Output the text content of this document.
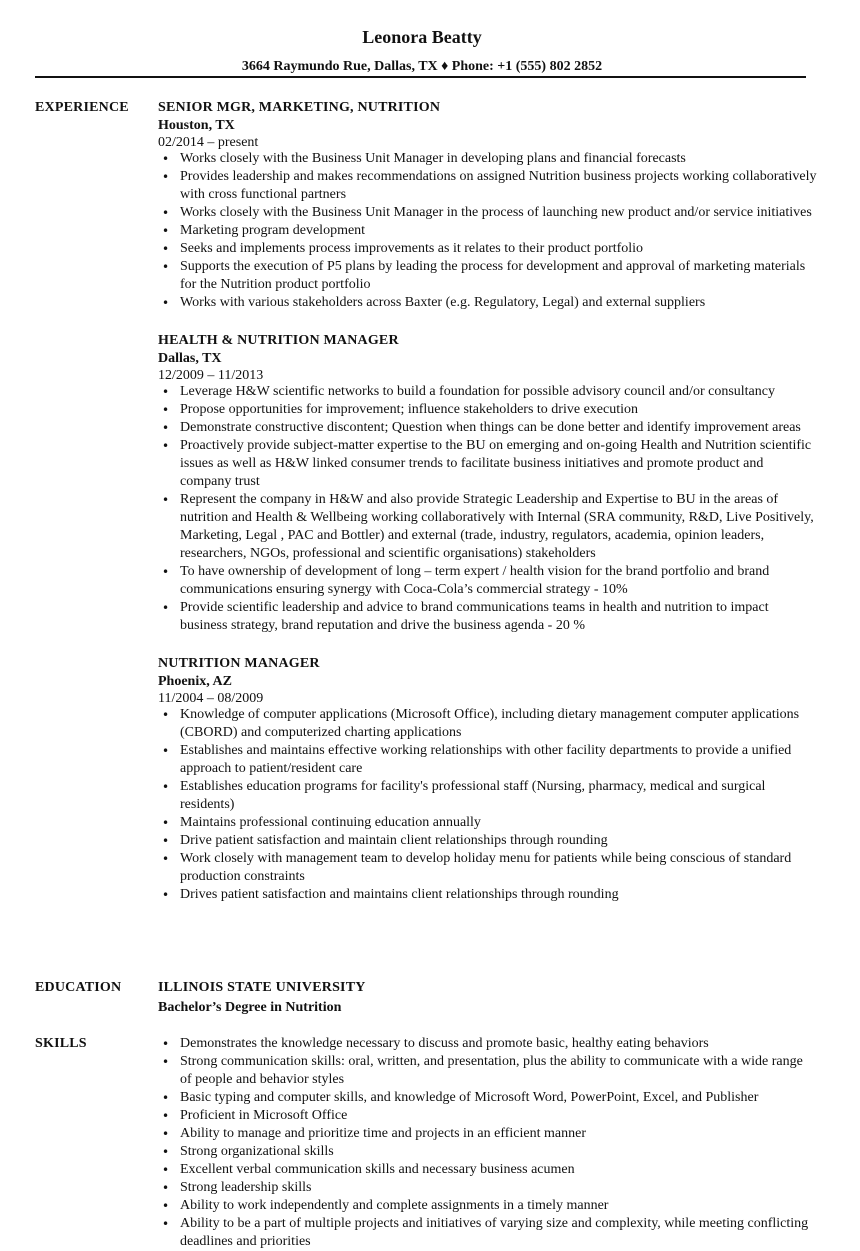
Leonora Beatty
3664 Raymundo Rue, Dallas, TX ♦ Phone: +1 (555) 802 2852
EXPERIENCE SENIOR MGR, MARKETING, NUTRITION
Houston, TX
02/2014 – present
• Works closely with the Business Unit Manager in developing plans and financial forecasts
• Provides leadership and makes recommendations on assigned Nutrition business projects working collaboratively with cross functional partners
• Works closely with the Business Unit Manager in the process of launching new product and/or service initiatives
• Marketing program development
• Seeks and implements process improvements as it relates to their product portfolio
• Supports the execution of P5 plans by leading the process for development and approval of marketing materials for the Nutrition product portfolio
• Works with various stakeholders across Baxter (e.g. Regulatory, Legal) and external suppliers
HEALTH & NUTRITION MANAGER
Dallas, TX
12/2009 – 11/2013
• Leverage H&W scientific networks to build a foundation for possible advisory council and/or consultancy
• Propose opportunities for improvement; influence stakeholders to drive execution
• Demonstrate constructive discontent; Question when things can be done better and identify improvement areas
• Proactively provide subject-matter expertise to the BU on emerging and on-going Health and Nutrition scientific issues as well as H&W linked consumer trends to facilitate business initiatives and promote product and company trust
• Represent the company in H&W and also provide Strategic Leadership and Expertise to BU in the areas of nutrition and Health & Wellbeing working collaboratively with Internal (SRA community, R&D, Live Positively, Marketing, Legal , PAC and Bottler) and external (trade, industry, regulators, academia, opinion leaders, researchers, NGOs, professional and scientific organisations) stakeholders
• To have ownership of development of long – term expert / health vision for the brand portfolio and brand communications ensuring synergy with Coca-Cola’s commercial strategy - 10%
• Provide scientific leadership and advice to brand communications teams in health and nutrition to impact business strategy, brand reputation and drive the business agenda - 20 %
NUTRITION MANAGER
Phoenix, AZ
11/2004 – 08/2009
• Knowledge of computer applications (Microsoft Office), including dietary management computer applications (CBORD) and computerized charting applications
• Establishes and maintains effective working relationships with other facility departments to provide a unified approach to patient/resident care
• Establishes education programs for facility's professional staff (Nursing, pharmacy, medical and surgical residents)
• Maintains professional continuing education annually
• Drive patient satisfaction and maintain client relationships through rounding
• Work closely with management team to develop holiday menu for patients while being conscious of standard production constraints
• Drives patient satisfaction and maintains client relationships through rounding
EDUCATION	ILLINOIS STATE UNIVERSITY
Bachelor’s Degree in Nutrition
SKILLS	• Demonstrates the knowledge necessary to discuss and promote basic, healthy eating behaviors
• Strong communication skills: oral, written, and presentation, plus the ability to communicate with a wide range of people and behavior styles
• Basic typing and computer skills, and knowledge of Microsoft Word, PowerPoint, Excel, and Publisher
• Proficient in Microsoft Office
• Ability to manage and prioritize time and projects in an efficient manner
• Strong organizational skills
• Excellent verbal communication skills and necessary business acumen
• Strong leadership skills
• Ability to work independently and complete assignments in a timely manner
• Ability to be a part of multiple projects and initiatives of varying size and complexity, while meeting conflicting deadlines and priorities
